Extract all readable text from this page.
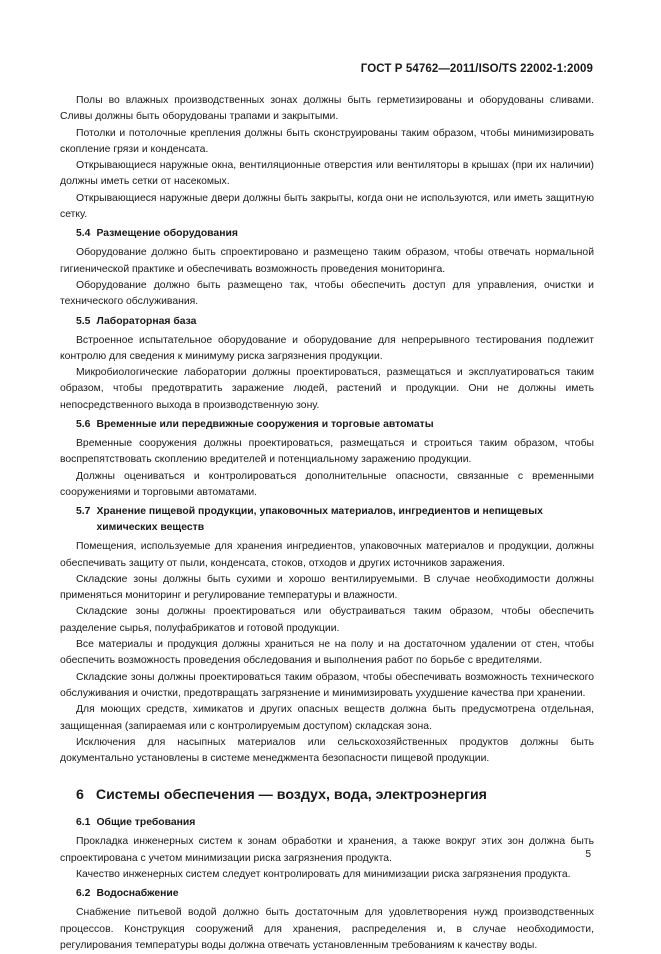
ГОСТ Р 54762—2011/ISO/TS 22002-1:2009

Полы во влажных производственных зонах должны быть герметизированы и оборудованы сливами. Сливы должны быть оборудованы трапами и закрытыми.

Потолки и потолочные крепления должны быть сконструированы таким образом, чтобы минимизировать скопление грязи и конденсата.

Открывающиеся наружные окна, вентиляционные отверстия или вентиляторы в крышах (при их наличии) должны иметь сетки от насекомых.

Открывающиеся наружные двери должны быть закрыты, когда они не используются, или иметь защитную сетку.

5.4 Размещение оборудования

Оборудование должно быть спроектировано и размещено таким образом, чтобы отвечать нормальной гигиенической практике и обеспечивать возможность проведения мониторинга.

Оборудование должно быть размещено так, чтобы обеспечить доступ для управления, очистки и технического обслуживания.

5.5 Лабораторная база

Встроенное испытательное оборудование и оборудование для непрерывного тестирования подлежит контролю для сведения к минимуму риска загрязнения продукции.

Микробиологические лаборатории должны проектироваться, размещаться и эксплуатироваться таким образом, чтобы предотвратить заражение людей, растений и продукции. Они не должны иметь непосредственного выхода в производственную зону.

5.6 Временные или передвижные сооружения и торговые автоматы

Временные сооружения должны проектироваться, размещаться и строиться таким образом, чтобы воспрепятствовать скоплению вредителей и потенциальному заражению продукции.

Должны оцениваться и контролироваться дополнительные опасности, связанные с временными сооружениями и торговыми автоматами.

5.7 Хранение пищевой продукции, упаковочных материалов, ингредиентов и непищевых химических веществ

Помещения, используемые для хранения ингредиентов, упаковочных материалов и продукции, должны обеспечивать защиту от пыли, конденсата, стоков, отходов и других источников заражения.

Складские зоны должны быть сухими и хорошо вентилируемыми. В случае необходимости должны применяться мониторинг и регулирование температуры и влажности.

Складские зоны должны проектироваться или обустраиваться таким образом, чтобы обеспечить разделение сырья, полуфабрикатов и готовой продукции.

Все материалы и продукция должны храниться не на полу и на достаточном удалении от стен, чтобы обеспечить возможность проведения обследования и выполнения работ по борьбе с вредителями.

Складские зоны должны проектироваться таким образом, чтобы обеспечивать возможность технического обслуживания и очистки, предотвращать загрязнение и минимизировать ухудшение качества при хранении.

Для моющих средств, химикатов и других опасных веществ должна быть предусмотрена отдельная, защищенная (запираемая или с контролируемым доступом) складская зона.

Исключения для насыпных материалов или сельскохозяйственных продуктов должны быть документально установлены в системе менеджмента безопасности пищевой продукции.

6 Системы обеспечения — воздух, вода, электроэнергия
6.1 Общие требования

Прокладка инженерных систем к зонам обработки и хранения, а также вокруг этих зон должна быть спроектирована с учетом минимизации риска загрязнения продукта.

Качество инженерных систем следует контролировать для минимизации риска загрязнения продукта.

6.2 Водоснабжение

Снабжение питьевой водой должно быть достаточным для удовлетворения нужд производственных процессов. Конструкция сооружений для хранения, распределения и, в случае необходимости, регулирования температуры воды должна отвечать установленным требованиям к качеству воды.

5
